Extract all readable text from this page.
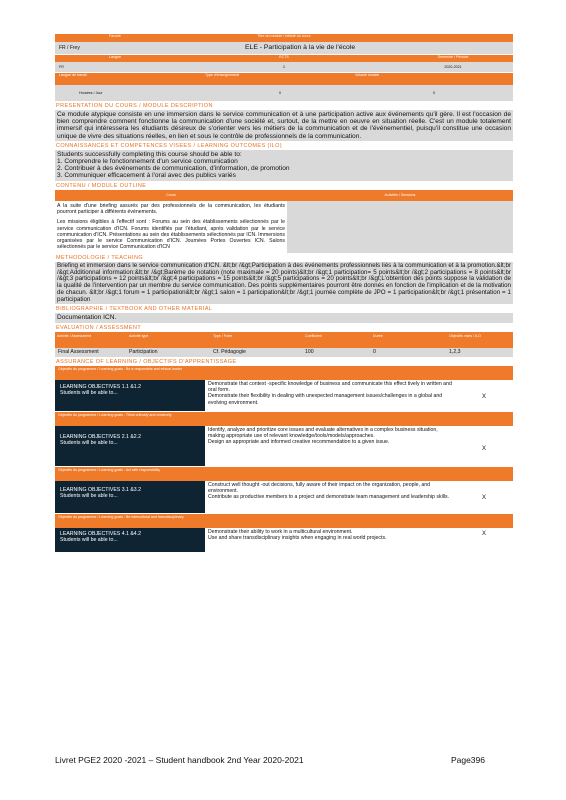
Faculté	Titre du module / intitulé du cours
FR / Frey	ELE - Participation à la vie de l'école
Langue	ECTS	Semestre / Période
FR	2	2020-2021
Langue de travail	Type d'enseignement	Volume horaire
Horaires / Jour	0	5
PRESENTATION DU COURS / MODULE DESCRIPTION
Ce module atypique consiste en une immersion dans le service communication et à une participation active aux événements qu'il gère. Il est l'occasion de bien comprendre comment fonctionne la communication d'une société et, surtout, de la mettre en oeuvre en situation réelle. C'est un module totalement immersif qui intéressera les étudiants désireux de s'orienter vers les métiers de la communication et de l'événementiel, puisqu'il constitue une occasion unique de vivre des situations réelles, en lien et sous le contrôle de professionnels de la communication.
CONNAISSANCES ET COMPETENCES VISEES / LEARNING OUTCOMES (ILO)
Students successfully completing this course should be able to:
1. Comprendre le fonctionnement d'un service communication
2. Contribuer à des événements de communication, d'information, de promotion
3. Communiquer efficacement à l'oral avec des publics variés
CONTENU / MODULE OUTLINE
Cours	Activités / Sessions
A la suite d'une briefing assurés par des professionnels de la communication, les étudiants pourront participer à différents événements.
Les missions éligibles à l'effectif sont : Forums au sein des établissements sélectionnés par le service communication d'ICN. Forums identifiés par l'étudiant, après validation par le service communication d'ICN. Présentations au sein des établissements sélectionnés par ICN. Immersions organisées par le service Communication d'ICN. Journées Portes Ouvertes ICN. Salons sélectionnés par le service Communication d'ICN
METHODOLOGIE / TEACHING
Briefing et immersion dans le service communication d'ICN. &lt;br /&gt;Participation à des événements professionnels liés à la communication et à la promotion.&lt;br /&gt;Additionnal information:&lt;br /&gt;Barème de notation (note maximale = 20 points)&lt;br /&gt;1 participation= 5 points&lt;br /&gt;2 participations = 8 points&lt;br /&gt;3 participations = 12 points&lt;br /&gt;4 participations = 15 points&lt;br /&gt;5 participations = 20 points&lt;br /&gt;L'obtention des points suppose la validation de la qualité de l'intervention par un membre du service communication. Des points supplémentaires pourront être donnés en fonction de l'implication et de la motivation de chacun. &lt;br /&gt;1 forum = 1 participation&lt;br /&gt;1 salon = 1 participation&lt;br /&gt;1 journée complète de JPO = 1 participation&lt;br /&gt;1 présentation = 1 participation
BIBLIOGRAPHIE / TEXTBOOK AND OTHER MATERIAL
Documentation ICN.
EVALUATION / ASSESSMENT
Activité / Assessment	Activité type	Type / Form	Coefficient	Durée	Objectifs visés / ILO
Final Assessment	Participation	Cf. Pédagogie	100	0	1,2,3
ASSURANCE OF LEARNING / OBJECTIFS D'APPRENTISSAGE
Objectifs du programme / Learning goals : Be a responsible and ethical leader
LEARNING OBJECTIVES 1.1 &1.2
Students will be able to...
Demonstrate that context -specific knowledge of business and communicate this effect tively in written and oral form.
Demonstrate their flexibility in dealing with unexpected management issues/challenges in a global and evolving environment.
X
Objectifs du programme / Learning goals : Think critically and creatively
LEARNING OBJECTIVES 2.1 &2.2
Students will be able to...
Identify, analyze and prioritize core issues and evaluate alternatives in a complex business situation, making appropriate use of relevant knowledge/tools/models/approaches.
Design an appropriate and informed creative recommendation to a given issue.
X
Objectifs du programme / Learning goals : Act with responsibility
LEARNING OBJECTIVES 3.1 &3.2
Students will be able to...
Construct well thought -out decisions, fully aware of their impact on the organization, people, and environment.
Contribute as productive members to a project and demonstrate team management and leadership skills.	X
Objectifs du programme / Learning goals : Be intercultural and transdisciplinary
LEARNING OBJECTIVES 4.1 &4.2
Students will be able to...
Demonstrate their ability to work in a multicultural environment.
Use and share transdisciplinary insights when engaging in real world projects.
X
Livret PGE2 2020 -2021 – Student handbook 2nd Year 2020-2021	Page396
